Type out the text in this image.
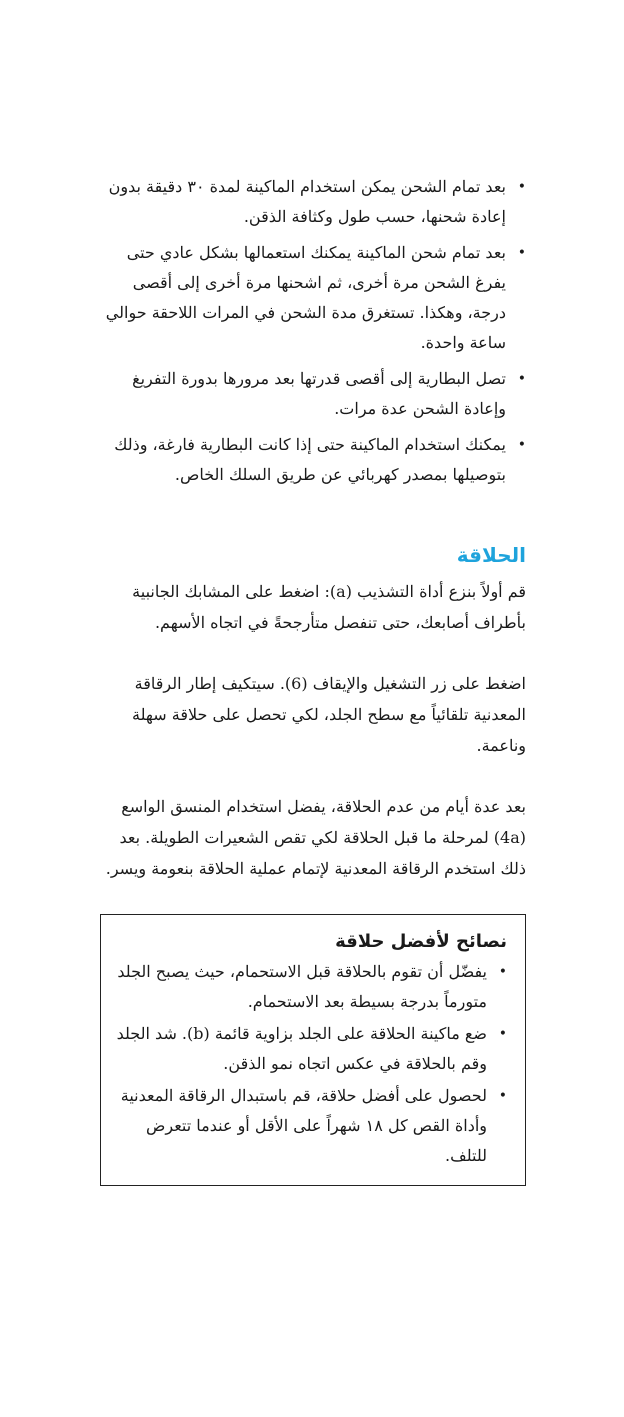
•
بعد تمام الشحن يمكن استخدام الماكينة لمدة ٣٠ دقيقة بدون إعادة شحنها، حسب طول وكثافة الذقن.
•
بعد تمام شحن الماكينة يمكنك استعمالها بشكل عادي حتى يفرغ الشحن مرة أخرى، ثم اشحنها مرة أخرى إلى أقصى درجة، وهكذا. تستغرق مدة الشحن في المرات اللاحقة حوالي ساعة واحدة.
•
تصل البطارية إلى أقصى قدرتها بعد مرورها بدورة التفريغ وإعادة الشحن عدة مرات.
•
يمكنك استخدام الماكينة حتى إذا كانت البطارية فارغة، وذلك بتوصيلها بمصدر كهربائي عن طريق السلك الخاص.
الحلاقة

قم أولاً بنزع أداة التشذيب (a): اضغط على المشابك الجانبية بأطراف أصابعك، حتى تنفصل متأرجحةً في اتجاه الأسهم.

اضغط على زر التشغيل والإيقاف (6). سيتكيف إطار الرقاقة المعدنية تلقائياً مع سطح الجلد، لكي تحصل على حلاقة سهلة وناعمة.

بعد عدة أيام من عدم الحلاقة، يفضل استخدام المنسق الواسع (4a) لمرحلة ما قبل الحلاقة لكي تقص الشعيرات الطويلة. بعد ذلك استخدم الرقاقة المعدنية لإتمام عملية الحلاقة بنعومة ويسر.

نصائح لأفضل حلاقة
•
يفضّل أن تقوم بالحلاقة قبل الاستحمام، حيث يصبح الجلد متورماً بدرجة بسيطة بعد الاستحمام.
•
ضع ماكينة الحلاقة على الجلد بزاوية قائمة (b). شد الجلد وقم بالحلاقة في عكس اتجاه نمو الذقن.
•
لحصول على أفضل حلاقة، قم باستبدال الرقاقة المعدنية وأداة القص كل ١٨ شهراً على الأقل أو عندما تتعرض للتلف.
